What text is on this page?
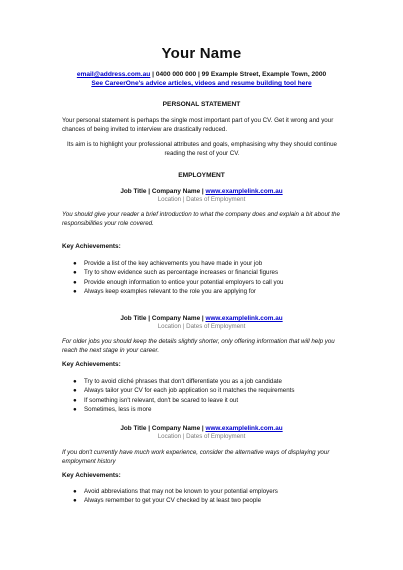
Your Name
email@address.com.au | 0400 000 000 | 99 Example Street, Example Town, 2000
See CareerOne's advice articles, videos and resume building tool here
PERSONAL STATEMENT
Your personal statement is perhaps the single most important part of you CV. Get it wrong and your chances of being invited to interview are drastically reduced.
Its aim is to highlight your professional attributes and goals, emphasising why they should continue reading the rest of your CV.
EMPLOYMENT
Job Title | Company Name | www.examplelink.com.au
Location | Dates of Employment
You should give your reader a brief introduction to what the company does and explain a bit about the responsibilities your role covered.
Key Achievements:
● Provide a list of the key achievements you have made in your job
● Try to show evidence such as percentage increases or financial figures
● Provide enough information to entice your potential employers to call you
● Always keep examples relevant to the role you are applying for
Job Title | Company Name | www.examplelink.com.au
Location | Dates of Employment
For older jobs you should keep the details slightly shorter, only offering information that will help you reach the next stage in your career.
Key Achievements:
● Try to avoid cliché phrases that don't differentiate you as a job candidate
● Always tailor your CV for each job application so it matches the requirements
● If something isn't relevant, don't be scared to leave it out
● Sometimes, less is more
Job Title | Company Name | www.examplelink.com.au
Location | Dates of Employment
If you don't currently have much work experience, consider the alternative ways of displaying your employment history
Key Achievements:
● Avoid abbreviations that may not be known to your potential employers
● Always remember to get your CV checked by at least two people
